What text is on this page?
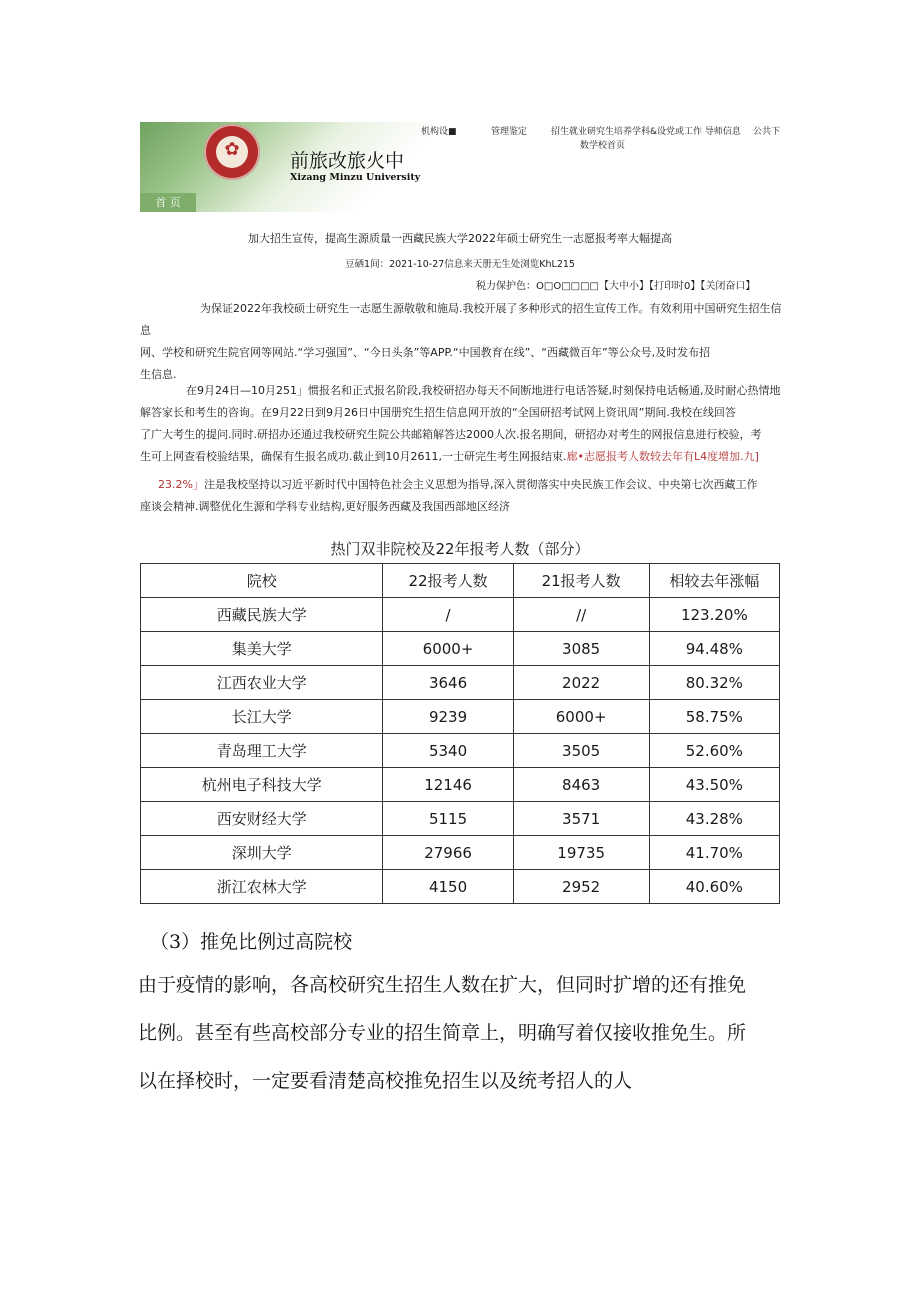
✿
首 页
前旅改旅火中
Xizang Minzu University
机构设■	管理鉴定	招生就业研究生培养学科&设党或工作 导师信息 公共下
数学校首页
加大招生宣传，提高生源质量一西藏民族大学2022年硕士研究生一志愿报考率大幅提高
豆硒1间：2021-10-27信息来天册无生处浏览KhL215
税力保护色：O□O□□□□【大中小】【打印时0】【关闭奋口】

为保证2022年我校硕士研究生一志愿生源敬敬和施局.我校开展了多种形式的招生宣传工作。有效利用中国研究生招生信息

网、学校和研究生院官网等网站.“学习强国”、“今日头条”等APP.“中国教育在线”、“西藏微百年”等公众号,及时发布招

生信息.

在9月24日—10月251」惯报名和正式报名阶段,我校研招办每天不间断地进行电话答疑,时刻保持电话畅通,及时耐心热情地

解答家长和考生的咨询。在9月22日到9月26日中国册究生招生信息网开放的“全国研招考试网上资讯周”期间.我校在线回答

了广大考生的提问.同时.研招办还通过我校研究生院公共邮箱解答达2000人次.报名期间，研招办对考生的网报信息进行校验，考

生可上网查看校验结果，确保有生报名成功.截止到10月2611,一士研完生考生网报结束.廊•志愿报考人数较去年有L4度增加.九]

23.2%」注是我校坚持以习近平新时代中国特色社会主义思想为指导,深入贯彻落实中央民族工作会议、中央第七次西藏工作

座谈会精神.调整优化生源和学科专业结构,更好服务西藏及我国西部地区经济

热门双非院校及22年报考人数（部分）
院校	22报考人数	21报考人数	相较去年涨幅
西藏民族大学	/	//	123.20%
集美大学	6000+	3085	94.48%
江西农业大学	3646	2022	80.32%
长江大学	9239	6000+	58.75%
青岛理工大学	5340	3505	52.60%
杭州电子科技大学	12146	8463	43.50%
西安财经大学	5115	3571	43.28%
深圳大学	27966	19735	41.70%
浙江农林大学	4150	2952	40.60%
（3）推免比例过高院校
由于疫情的影响，各高校研究生招生人数在扩大，但同时扩增的还有推免
比例。甚至有些高校部分专业的招生简章上，明确写着仅接收推免生。所
以在择校时，一定要看清楚高校推免招生以及统考招人的人
